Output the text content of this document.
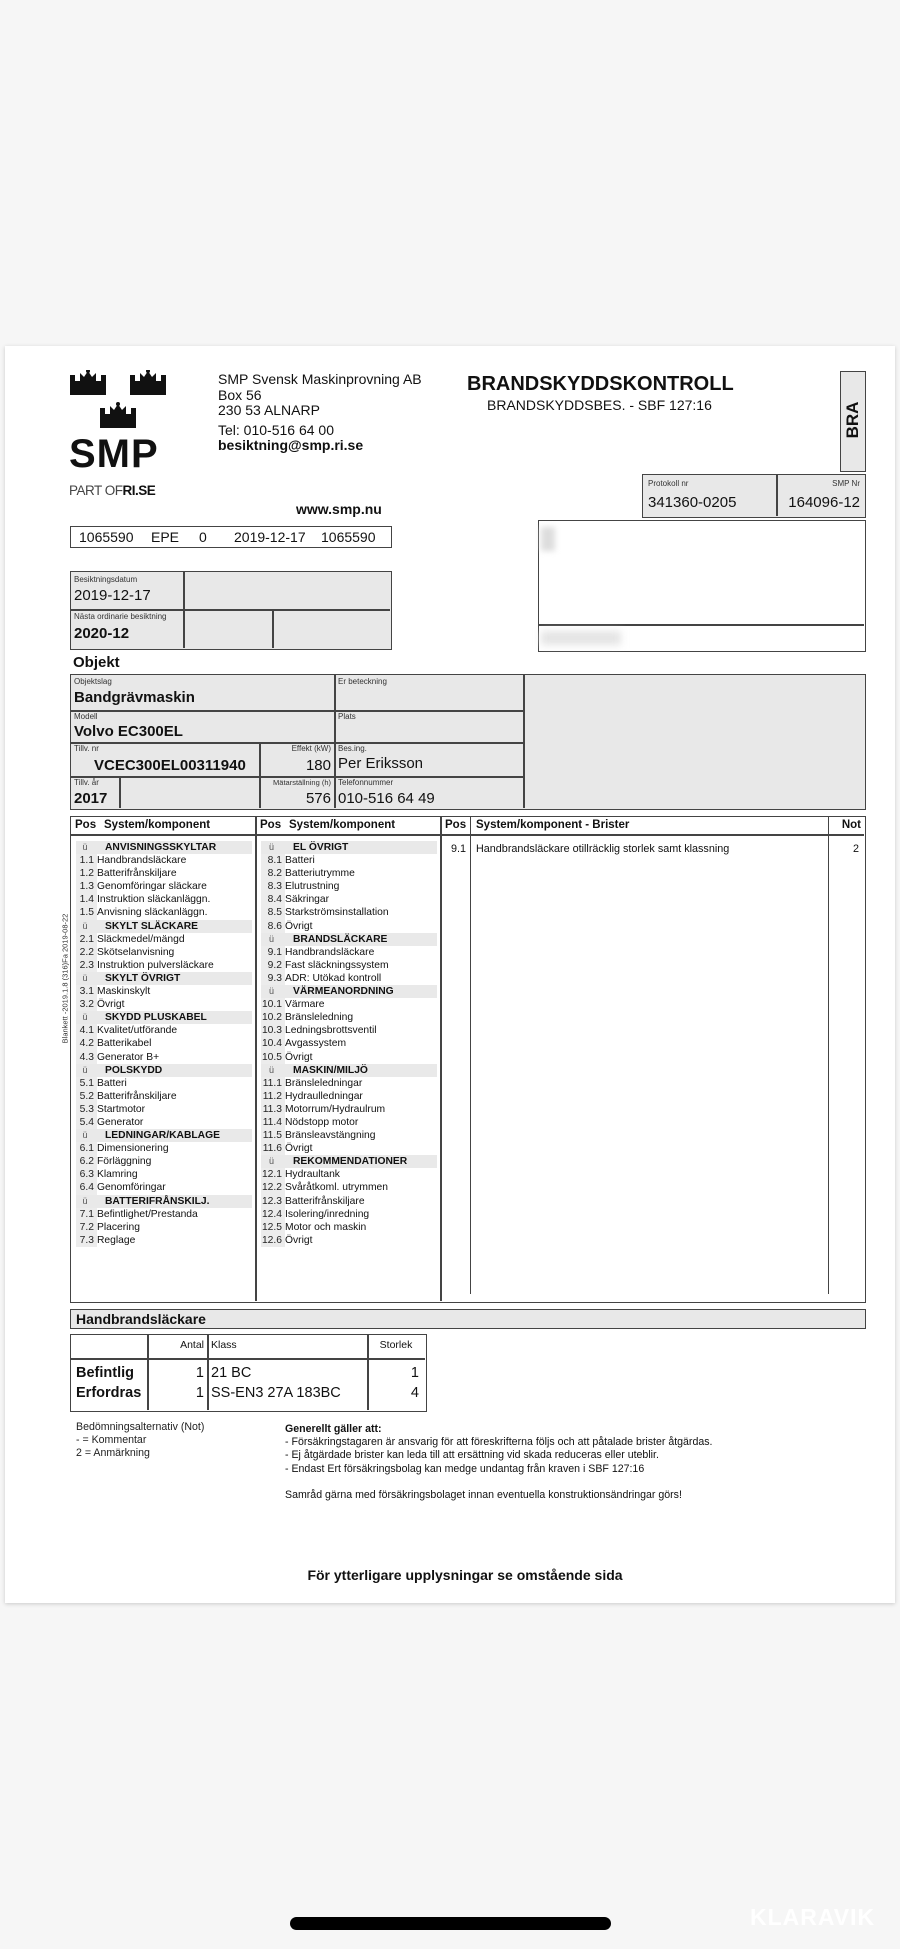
SMP
PART OFRI.SE
SMP Svensk Maskinprovning AB
Box 56
230 53 ALNARP
Tel: 010-516 64 00
besiktning@smp.ri.se
www.smp.nu
BRANDSKYDDSKONTROLL
BRANDSKYDDSBES. - SBF 127:16	BRA
Protokoll nr
341360-0205
SMP Nr
164096-12
1065590 EPE 0 2019-12-17 1065590
Besiktningsdatum
2019-12-17
Nästa ordinarie besiktning
2020-12
Objekt
Objektslag
Bandgrävmaskin
Er beteckning
Modell
Volvo EC300EL
Plats
Tillv. nr
VCEC300EL00311940
Effekt (kW)
180
Bes.ing.
Per Eriksson
Tillv. år
2017
Mätarställning (h)
576
Telefonnummer
010-516 64 49
Blankett -2019.1.8 (316)Fa 2019-08-22
Pos System/komponent	Pos System/komponent	Pos System/komponent - Brister	Not
ü	ANVISNINGSSKYLTAR
1.1 Handbrandsläckare
1.2 Batterifrånskiljare
1.3 Genomföringar släckare
1.4 Instruktion släckanläggn.
1.5 Anvisning släckanläggn.
ü	SKYLT SLÄCKARE
2.1 Släckmedel/mängd
2.2 Skötselanvisning
2.3 Instruktion pulversläckare
ü	SKYLT ÖVRIGT
3.1 Maskinskylt
3.2 Övrigt
ü	SKYDD PLUSKABEL
4.1 Kvalitet/utförande
4.2 Batterikabel
4.3 Generator B+
ü	POLSKYDD
5.1 Batteri
5.2 Batterifrånskiljare
5.3 Startmotor
5.4 Generator
ü	LEDNINGAR/KABLAGE
6.1 Dimensionering
6.2 Förläggning
6.3 Klamring
6.4 Genomföringar
ü	BATTERIFRÅNSKILJ.
7.1 Befintlighet/Prestanda
7.2 Placering
7.3 Reglage
ü	EL ÖVRIGT
8.1 Batteri
8.2 Batteriutrymme
8.3 Elutrustning
8.4 Säkringar
8.5 Starkströmsinstallation
8.6 Övrigt
ü	BRANDSLÄCKARE
9.1 Handbrandsläckare
9.2 Fast släckningssystem
9.3 ADR: Utökad kontroll
ü	VÄRMEANORDNING
10.1 Värmare
10.2 Bränsleledning
10.3 Ledningsbrottsventil
10.4 Avgassystem
10.5 Övrigt
ü	MASKIN/MILJÖ
11.1 Bränsleledningar
11.2 Hydraulledningar
11.3 Motorrum/Hydraulrum
11.4 Nödstopp motor
11.5 Bränsleavstängning
11.6 Övrigt
ü	REKOMMENDATIONER
12.1 Hydraultank
12.2 Svåråtkoml. utrymmen
12.3 Batterifrånskiljare
12.4 Isolering/inredning
12.5 Motor och maskin
12.6 Övrigt
9.1 Handbrandsläckare otillräcklig storlek samt klassning	2
Handbrandsläckare
Antal Klass	Storlek
Befintlig	1 21 BC	1
Erfordras	1 SS-EN3 27A 183BC	4
Bedömningsalternativ (Not)
- = Kommentar
2 = Anmärkning
Generellt gäller att:
- Försäkringstagaren är ansvarig för att föreskrifterna följs och att påtalade brister åtgärdas.
- Ej åtgärdade brister kan leda till att ersättning vid skada reduceras eller uteblir.
- Endast Ert försäkringsbolag kan medge undantag från kraven i SBF 127:16
Samråd gärna med försäkringsbolaget innan eventuella konstruktionsändringar görs!
För ytterligare upplysningar se omstående sida
KLARAVIK
